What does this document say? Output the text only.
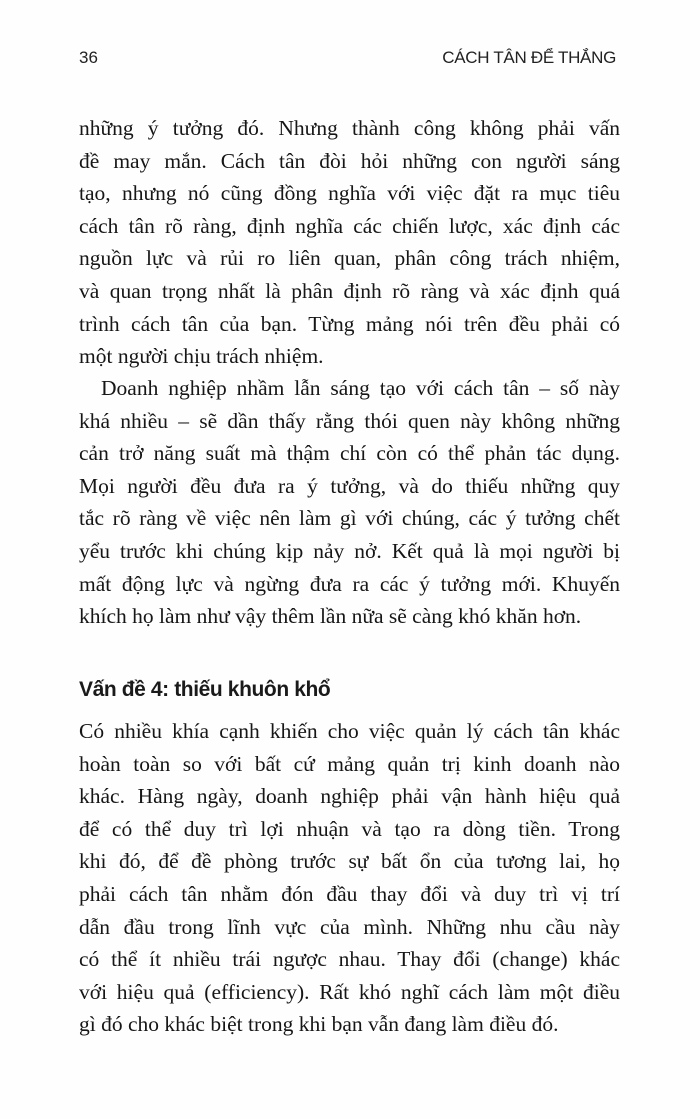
36	CÁCH TÂN ĐỂ THẮNG
những ý tưởng đó. Nhưng thành công không phải vấn
đề may mắn. Cách tân đòi hỏi những con người sáng
tạo, nhưng nó cũng đồng nghĩa với việc đặt ra mục tiêu
cách tân rõ ràng, định nghĩa các chiến lược, xác định các
nguồn lực và rủi ro liên quan, phân công trách nhiệm,
và quan trọng nhất là phân định rõ ràng và xác định quá
trình cách tân của bạn. Từng mảng nói trên đều phải có
một người chịu trách nhiệm.
Doanh nghiệp nhầm lẫn sáng tạo với cách tân – số này
khá nhiều – sẽ dần thấy rằng thói quen này không những
cản trở năng suất mà thậm chí còn có thể phản tác dụng.
Mọi người đều đưa ra ý tưởng, và do thiếu những quy
tắc rõ ràng về việc nên làm gì với chúng, các ý tưởng chết
yểu trước khi chúng kịp nảy nở. Kết quả là mọi người bị
mất động lực và ngừng đưa ra các ý tưởng mới. Khuyến
khích họ làm như vậy thêm lần nữa sẽ càng khó khăn hơn.
Vấn đề 4: thiếu khuôn khổ
Có nhiều khía cạnh khiến cho việc quản lý cách tân khác
hoàn toàn so với bất cứ mảng quản trị kinh doanh nào
khác. Hàng ngày, doanh nghiệp phải vận hành hiệu quả
để có thể duy trì lợi nhuận và tạo ra dòng tiền. Trong
khi đó, để đề phòng trước sự bất ổn của tương lai, họ
phải cách tân nhằm đón đầu thay đổi và duy trì vị trí
dẫn đầu trong lĩnh vực của mình. Những nhu cầu này
có thể ít nhiều trái ngược nhau. Thay đổi (change) khác
với hiệu quả (efficiency). Rất khó nghĩ cách làm một điều
gì đó cho khác biệt trong khi bạn vẫn đang làm điều đó.
